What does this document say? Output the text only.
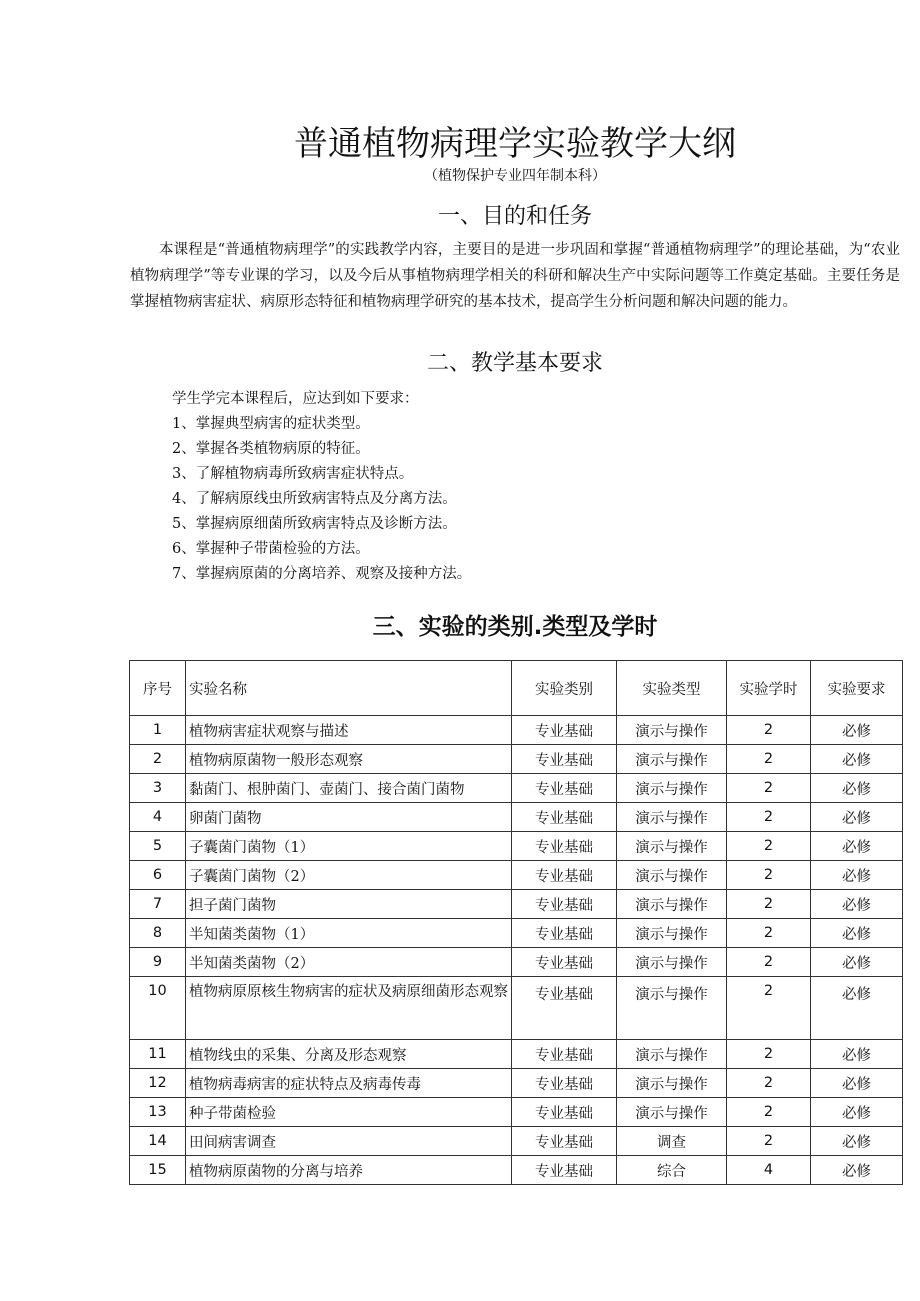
普通植物病理学实验教学大纲

（植物保护专业四年制本科）

一、目的和任务

本课程是“普通植物病理学”的实践教学内容，主要目的是进一步巩固和掌握“普通植物病理学”的理论基础，为“农业植物病理学”等专业课的学习，以及今后从事植物病理学相关的科研和解决生产中实际问题等工作奠定基础。主要任务是掌握植物病害症状、病原形态特征和植物病理学研究的基本技术，提高学生分析问题和解决问题的能力。

二、教学基本要求

学生学完本课程后，应达到如下要求：

1、掌握典型病害的症状类型。
2、掌握各类植物病原的特征。
3、了解植物病毒所致病害症状特点。
4、了解病原线虫所致病害特点及分离方法。
5、掌握病原细菌所致病害特点及诊断方法。
6、掌握种子带菌检验的方法。
7、掌握病原菌的分离培养、观察及接种方法。
三、实验的类别.类型及学时
序号	实验名称	实验类别	实验类型	实验学时	实验要求
1	植物病害症状观察与描述	专业基础	演示与操作	2	必修
2	植物病原菌物一般形态观察	专业基础	演示与操作	2	必修
3	黏菌门、根肿菌门、壶菌门、接合菌门菌物	专业基础	演示与操作	2	必修
4	卵菌门菌物	专业基础	演示与操作	2	必修
5	子囊菌门菌物（1）	专业基础	演示与操作	2	必修
6	子囊菌门菌物（2）	专业基础	演示与操作	2	必修
7	担子菌门菌物	专业基础	演示与操作	2	必修
8	半知菌类菌物（1）	专业基础	演示与操作	2	必修
9	半知菌类菌物（2）	专业基础	演示与操作	2	必修
10	植物病原原核生物病害的症状及病原细菌形态观察	专业基础	演示与操作	2	必修
11	植物线虫的采集、分离及形态观察	专业基础	演示与操作	2	必修
12	植物病毒病害的症状特点及病毒传毒	专业基础	演示与操作	2	必修
13	种子带菌检验	专业基础	演示与操作	2	必修
14	田间病害调查	专业基础	调查	2	必修
15	植物病原菌物的分离与培养	专业基础	综合	4	必修
